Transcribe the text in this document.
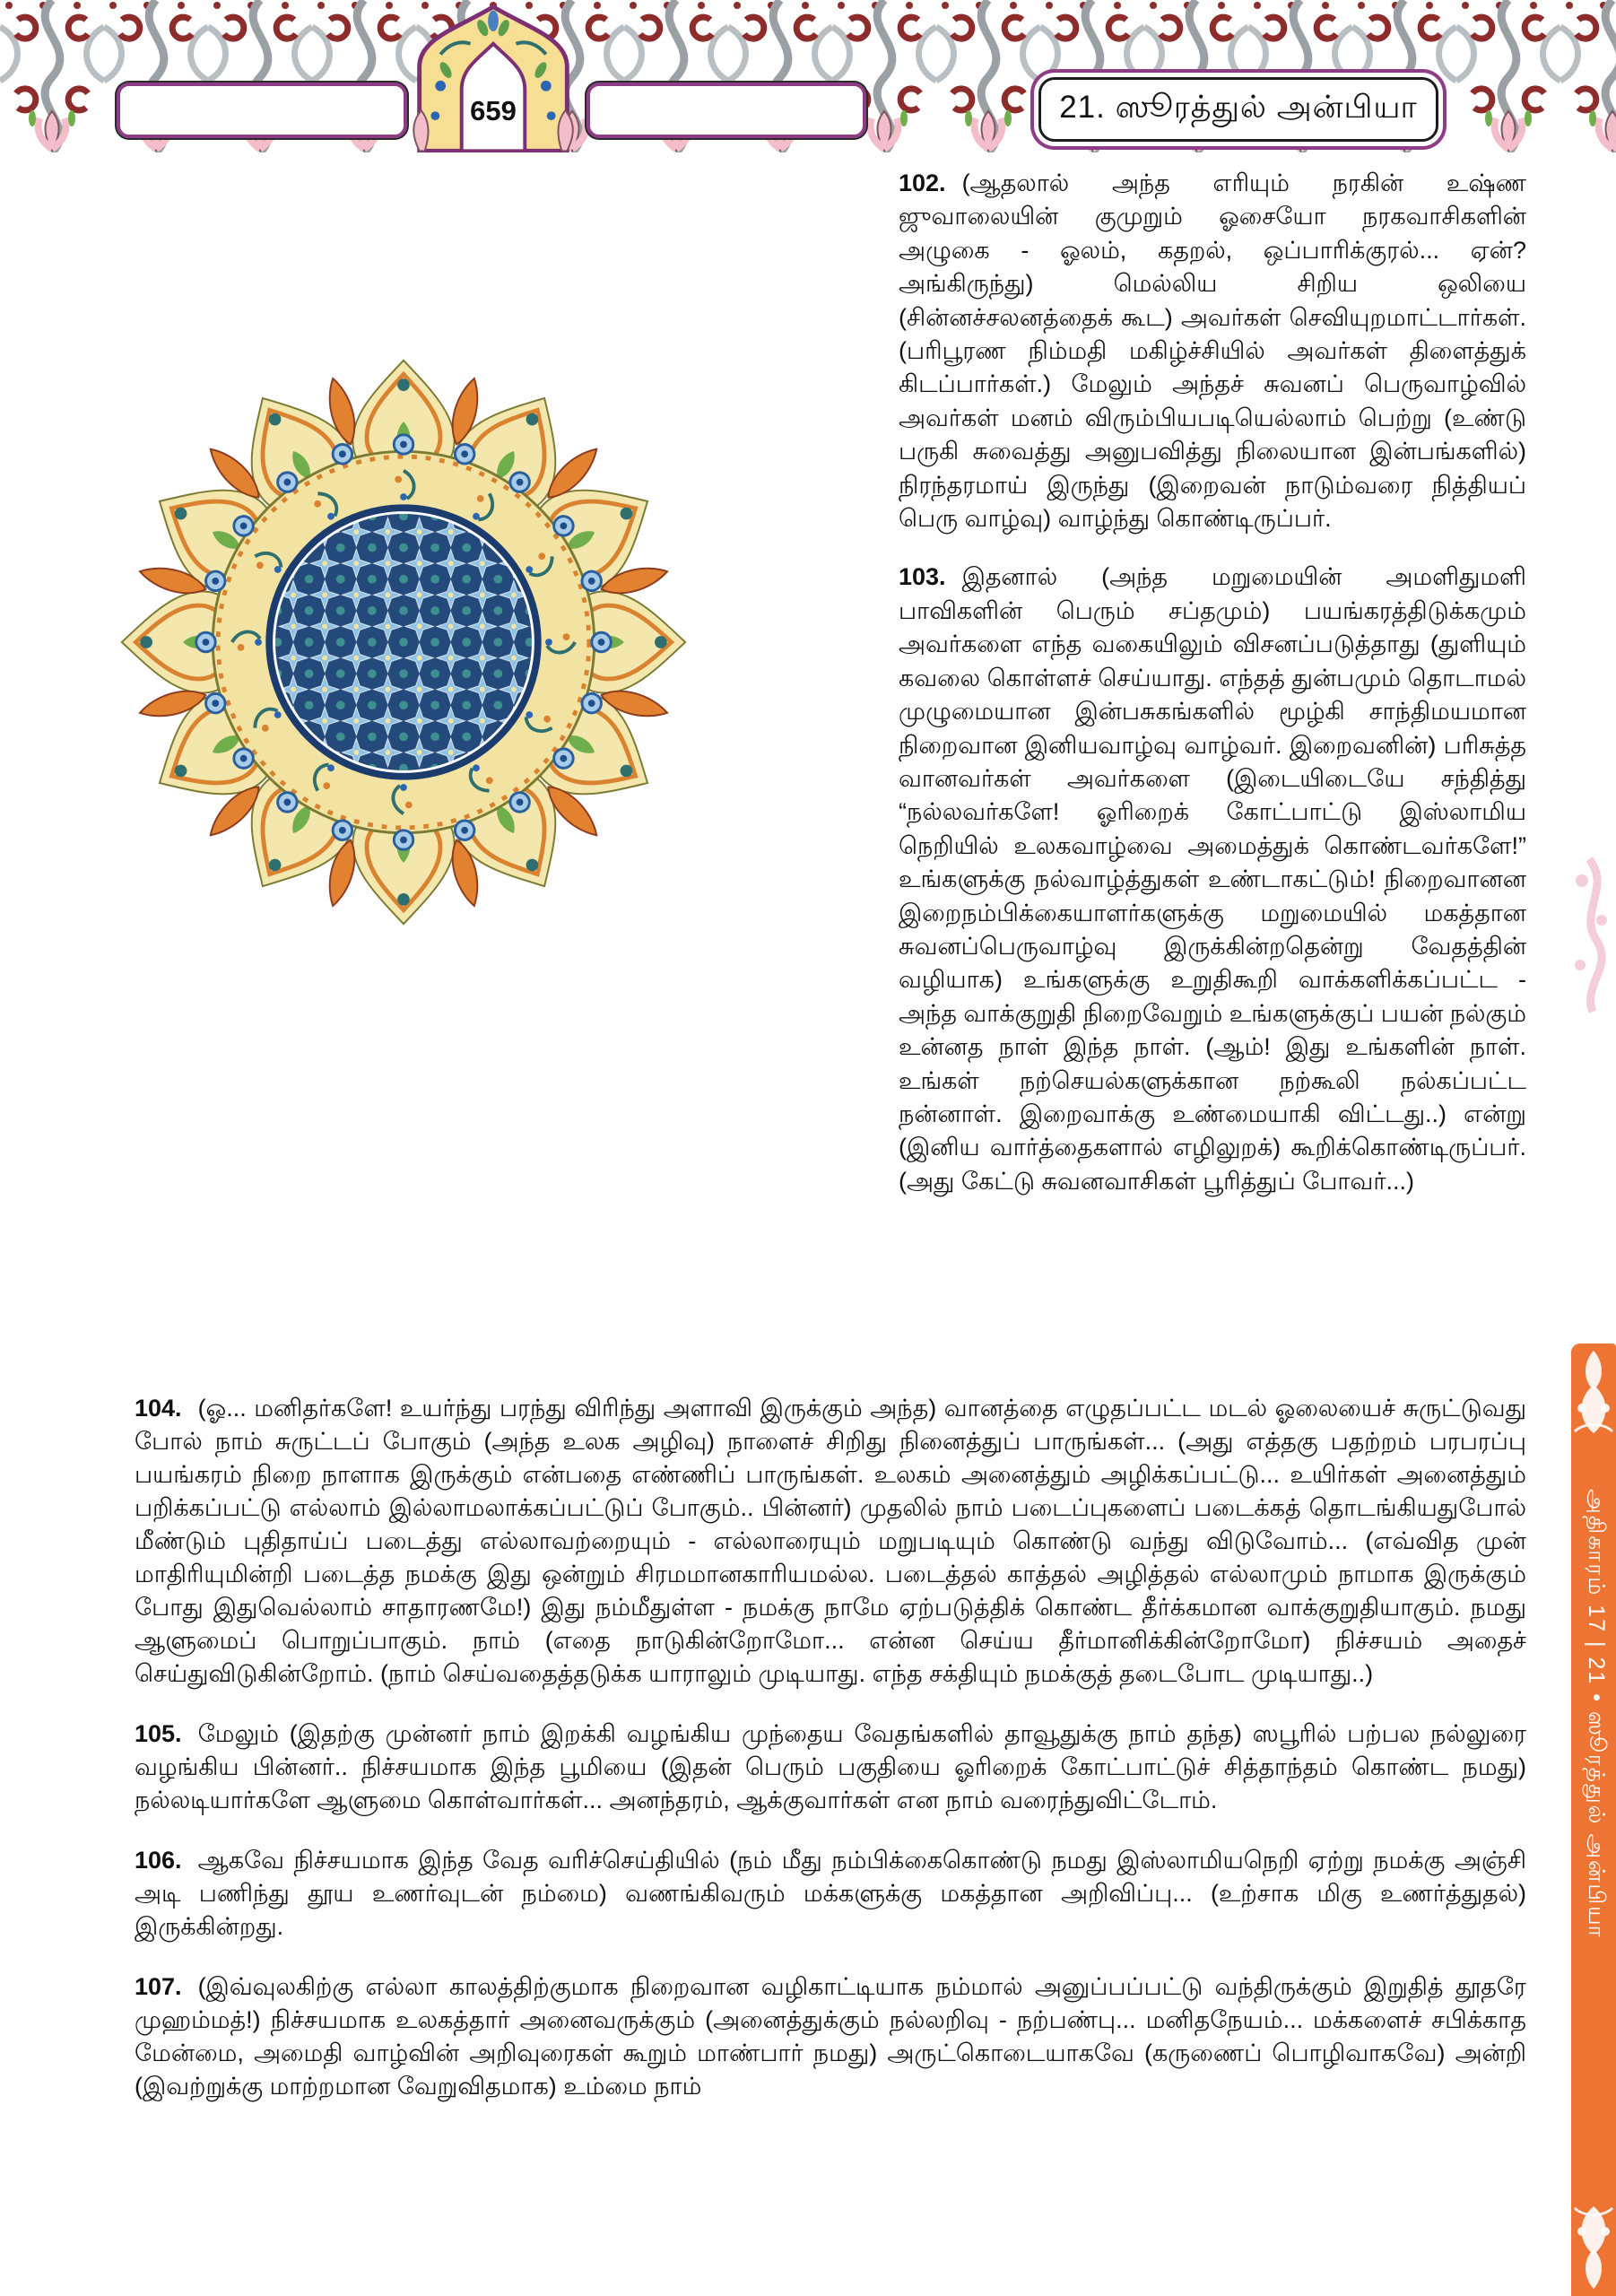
659	21. ஸூரத்துல் அன்பியா

102. (ஆதலால் அந்த எரியும் நரகின் உஷ்ண ஜுவாலையின் குமுறும் ஓசையோ நரகவாசிகளின் அழுகை - ஓலம், கதறல், ஒப்பாரிக்குரல்... ஏன்? அங்கிருந்து) மெல்லிய சிறிய ஒலியை (சின்னச்சலனத்தைக் கூட) அவர்கள் செவியுறமாட்டார்கள். (பரிபூரண நிம்மதி மகிழ்ச்சியில் அவர்கள் திளைத்துக் கிடப்பார்கள்.) மேலும் அந்தச் சுவனப் பெருவாழ்வில் அவர்கள் மனம் விரும்பியபடியெல்லாம் பெற்று (உண்டு பருகி சுவைத்து அனுபவித்து நிலையான இன்பங்களில்) நிரந்தரமாய் இருந்து (இறைவன் நாடும்வரை நித்தியப் பெரு வாழ்வு) வாழ்ந்து கொண்டிருப்பர்.

103. இதனால் (அந்த மறுமையின் அமளிதுமளி பாவிகளின் பெரும் சப்தமும்) பயங்கரத்திடுக்கமும் அவர்களை எந்த வகையிலும் விசனப்படுத்தாது (துளியும் கவலை கொள்ளச் செய்யாது. எந்தத் துன்பமும் தொடாமல் முழுமையான இன்பசுகங்களில் மூழ்கி சாந்திமயமான நிறைவான இனியவாழ்வு வாழ்வர். இறைவனின்) பரிசுத்த வானவர்கள் அவர்களை (இடையிடையே சந்தித்து “நல்லவர்களே! ஓரிறைக் கோட்பாட்டு இஸ்லாமிய நெறியில் உலகவாழ்வை அமைத்துக் கொண்டவர்களே!” உங்களுக்கு நல்வாழ்த்துகள் உண்டாகட்டும்! நிறைவானன இறைநம்பிக்கையாளர்களுக்கு மறுமையில் மகத்தான சுவனப்பெருவாழ்வு இருக்கின்றதென்று வேதத்தின் வழியாக) உங்களுக்கு உறுதிகூறி வாக்களிக்கப்பட்ட - அந்த வாக்குறுதி நிறைவேறும் உங்களுக்குப் பயன் நல்கும் உன்னத நாள் இந்த நாள். (ஆம்! இது உங்களின் நாள். உங்கள் நற்செயல்களுக்கான நற்கூலி நல்கப்பட்ட நன்னாள். இறைவாக்கு உண்மையாகி விட்டது..) என்று (இனிய வார்த்தைகளால் எழிலுறக்) கூறிக்கொண்டிருப்பர். (அது கேட்டு சுவனவாசிகள் பூரித்துப் போவர்...)

104. (ஓ... மனிதர்களே! உயர்ந்து பரந்து விரிந்து அளாவி இருக்கும் அந்த) வானத்தை எழுதப்பட்ட மடல் ஓலையைச் சுருட்டுவது போல் நாம் சுருட்டப் போகும் (அந்த உலக அழிவு) நாளைச் சிறிது நினைத்துப் பாருங்கள்... (அது எத்தகு பதற்றம் பரபரப்பு பயங்கரம் நிறை நாளாக இருக்கும் என்பதை எண்ணிப் பாருங்கள். உலகம் அனைத்தும் அழிக்கப்பட்டு... உயிர்கள் அனைத்தும் பறிக்கப்பட்டு எல்லாம் இல்லாமலாக்கப்பட்டுப் போகும்.. பின்னர்) முதலில் நாம் படைப்புகளைப் படைக்கத் தொடங்கியதுபோல் மீண்டும் புதிதாய்ப் படைத்து எல்லாவற்றையும் - எல்லாரையும் மறுபடியும் கொண்டு வந்து விடுவோம்... (எவ்வித முன் மாதிரியுமின்றி படைத்த நமக்கு இது ஒன்றும் சிரமமானகாரியமல்ல. படைத்தல் காத்தல் அழித்தல் எல்லாமும் நாமாக இருக்கும் போது இதுவெல்லாம் சாதாரணமே!) இது நம்மீதுள்ள - நமக்கு நாமே ஏற்படுத்திக் கொண்ட தீர்க்கமான வாக்குறுதியாகும். நமது ஆளுமைப் பொறுப்பாகும். நாம் (எதை நாடுகின்றோமோ... என்ன செய்ய தீர்மானிக்கின்றோமோ) நிச்சயம் அதைச் செய்துவிடுகின்றோம். (நாம் செய்வதைத்தடுக்க யாராலும் முடியாது. எந்த சக்தியும் நமக்குத் தடைபோட முடியாது..)

105. மேலும் (இதற்கு முன்னர் நாம் இறக்கி வழங்கிய முந்தைய வேதங்களில் தாவூதுக்கு நாம் தந்த) ஸபூரில் பற்பல நல்லுரை வழங்கிய பின்னர்.. நிச்சயமாக இந்த பூமியை (இதன் பெரும் பகுதியை ஓரிறைக் கோட்பாட்டுச் சித்தாந்தம் கொண்ட நமது) நல்லடியார்களே ஆளுமை கொள்வார்கள்... அனந்தரம், ஆக்குவார்கள் என நாம் வரைந்துவிட்டோம்.

106. ஆகவே நிச்சயமாக இந்த வேத வரிச்செய்தியில் (நம் மீது நம்பிக்கைகொண்டு நமது இஸ்லாமியநெறி ஏற்று நமக்கு அஞ்சி அடி பணிந்து தூய உணர்வுடன் நம்மை) வணங்கிவரும் மக்களுக்கு மகத்தான அறிவிப்பு... (உற்சாக மிகு உணர்த்துதல்) இருக்கின்றது.

107. (இவ்வுலகிற்கு எல்லா காலத்திற்குமாக நிறைவான வழிகாட்டியாக நம்மால் அனுப்பப்பட்டு வந்திருக்கும் இறுதித் தூதரே முஹம்மத்!) நிச்சயமாக உலகத்தார் அனைவருக்கும் (அனைத்துக்கும் நல்லறிவு - நற்பண்பு... மனிதநேயம்... மக்களைச் சபிக்காத மேன்மை, அமைதி வாழ்வின் அறிவுரைகள் கூறும் மாண்பார் நமது) அருட்கொடையாகவே (கருணைப் பொழிவாகவே) அன்றி (இவற்றுக்கு மாற்றமான வேறுவிதமாக) உம்மை நாம்

அதிகாரம் 17 | 21 • ஸூரத்துல் அன்பியா
